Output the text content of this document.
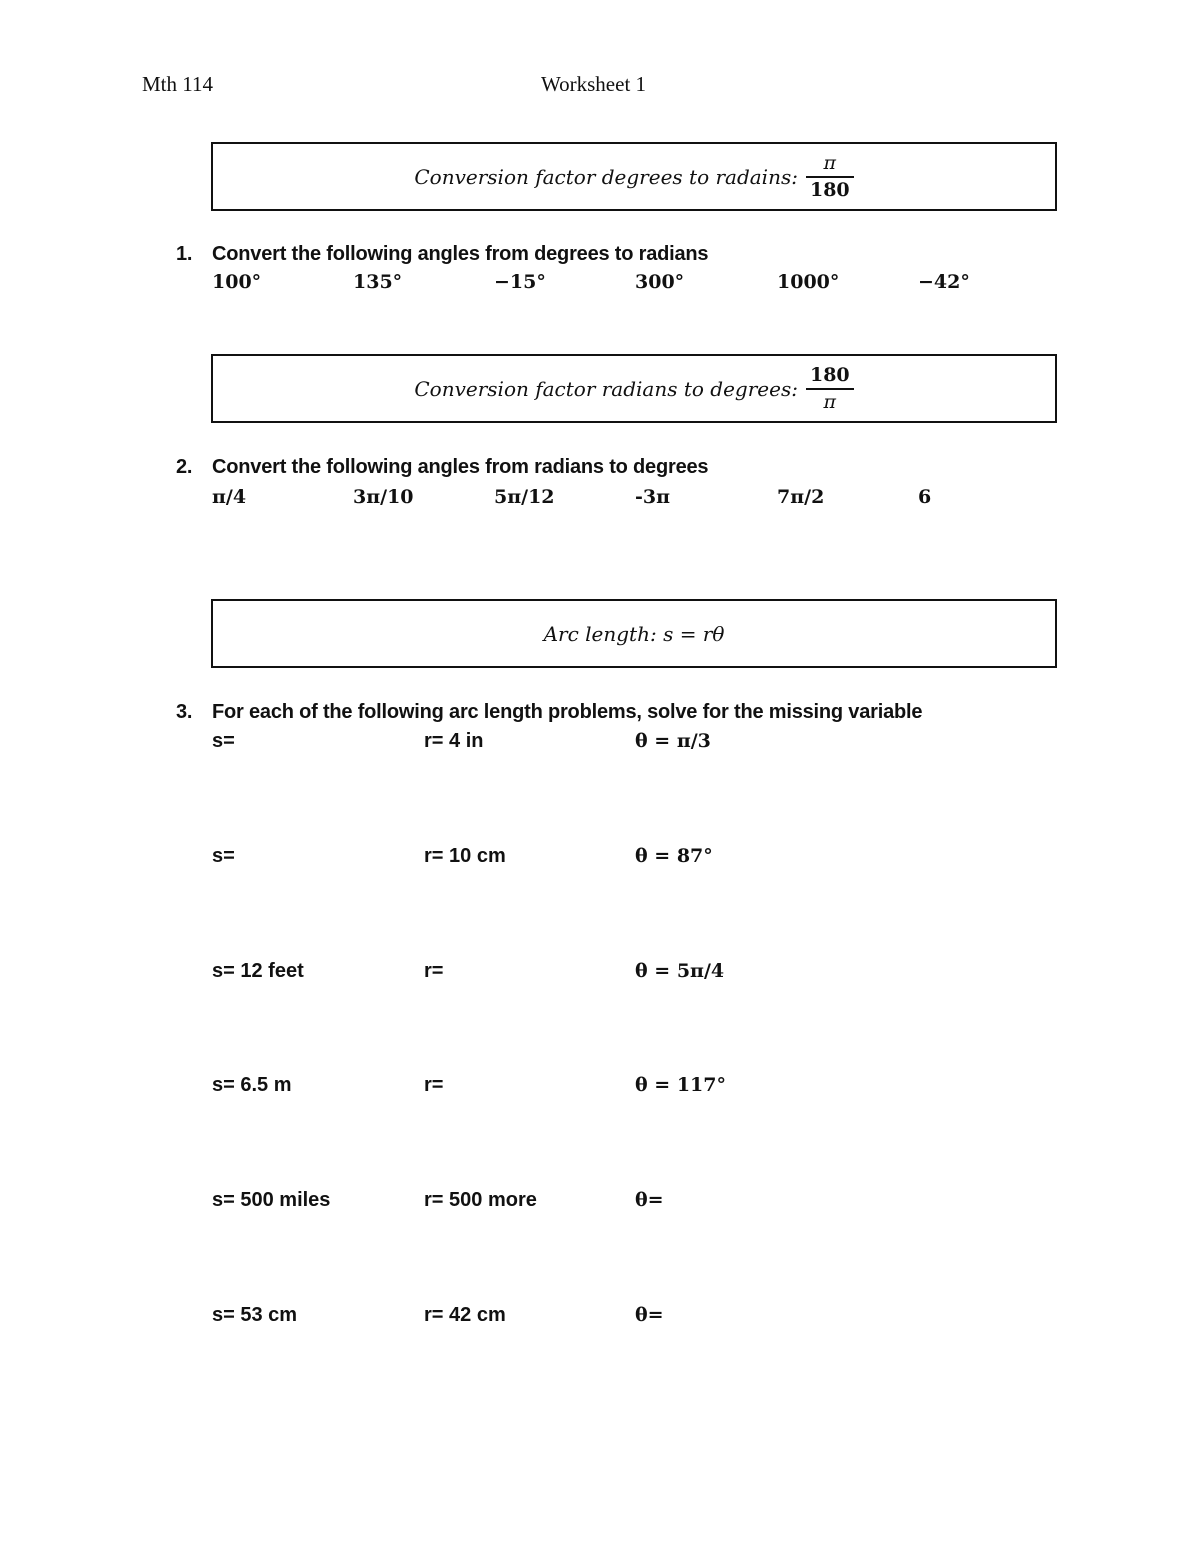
Mth 114	Worksheet 1
Conversion factor degrees to radains: $\frac{\pi}{180}$
1. Convert the following angles from degrees to radians
100°	135°	−15°	300°	1000°	−42°
Conversion factor radians to degrees: $\frac{180}{\pi}$
2. Convert the following angles from radians to degrees
π/4	3π/10	5π/12	-3π	7π/2	6
Arc length: s = rθ
3. For each of the following arc length problems, solve for the missing variable
s=	r= 4 in	θ = π/3
s=	r= 10 cm	θ = 87°
s= 12 feet	r=	θ = 5π/4
s= 6.5 m	r=	θ = 117°
s= 500 miles	r= 500 more	θ=
s= 53 cm	r= 42 cm	θ=
